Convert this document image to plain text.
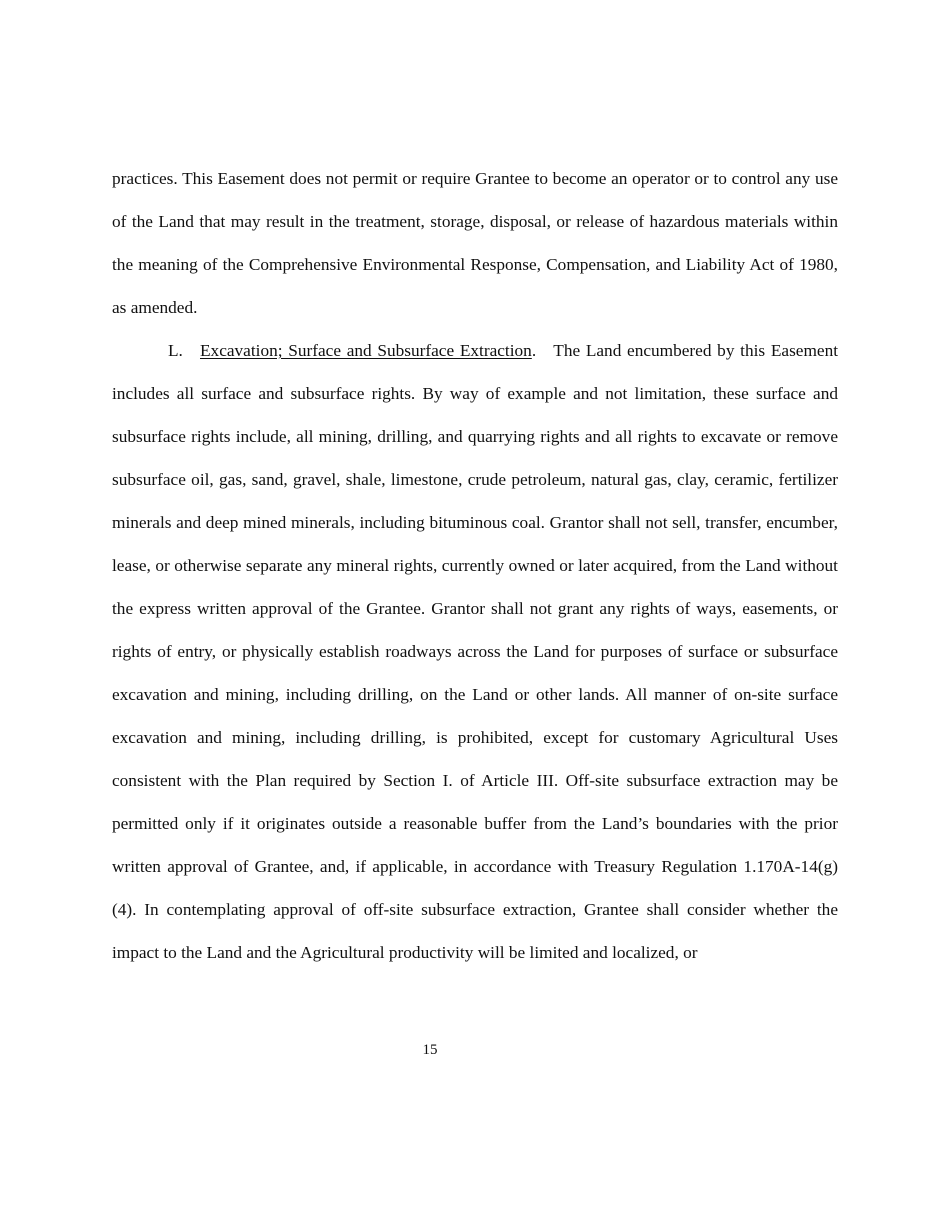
practices. This Easement does not permit or require Grantee to become an operator or to control any use of the Land that may result in the treatment, storage, disposal, or release of hazardous materials within the meaning of the Comprehensive Environmental Response, Compensation, and Liability Act of 1980, as amended.

L. Excavation; Surface and Subsurface Extraction.   The Land encumbered by this Easement includes all surface and subsurface rights. By way of example and not limitation, these surface and subsurface rights include, all mining, drilling, and quarrying rights and all rights to excavate or remove subsurface oil, gas, sand, gravel, shale, limestone, crude petroleum, natural gas, clay, ceramic, fertilizer minerals and deep mined minerals, including bituminous coal. Grantor shall not sell, transfer, encumber, lease, or otherwise separate any mineral rights, currently owned or later acquired, from the Land without the express written approval of the Grantee. Grantor shall not grant any rights of ways, easements, or rights of entry, or physically establish roadways across the Land for purposes of surface or subsurface excavation and mining, including drilling, on the Land or other lands. All manner of on-site surface excavation and mining, including drilling, is prohibited, except for customary Agricultural Uses consistent with the Plan required by Section I. of Article III. Off-site subsurface extraction may be permitted only if it originates outside a reasonable buffer from the Land’s boundaries with the prior written approval of Grantee, and, if applicable, in accordance with Treasury Regulation 1.170A-14(g)(4). In contemplating approval of off-site subsurface extraction, Grantee shall consider whether the impact to the Land and the Agricultural productivity will be limited and localized, or

15
